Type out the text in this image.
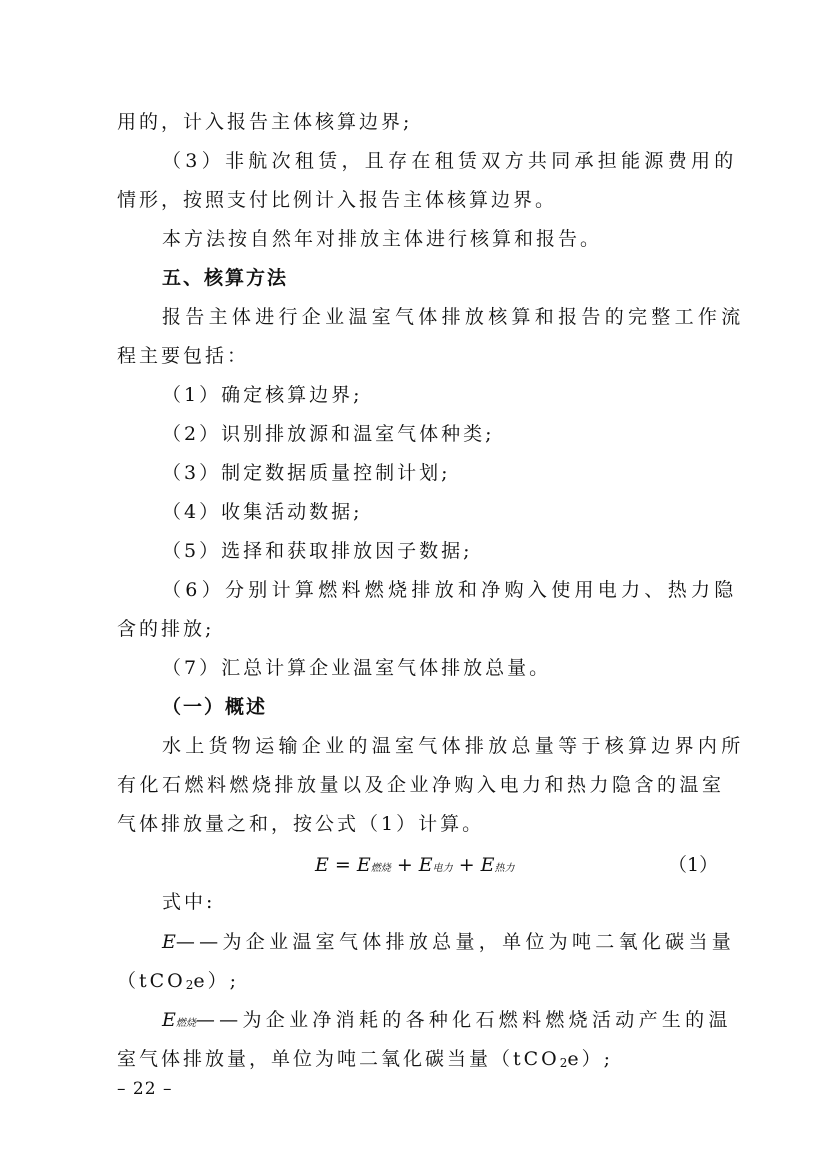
用的，计入报告主体核算边界;
（3）非航次租赁，且存在租赁双方共同承担能源费用的
情形，按照支付比例计入报告主体核算边界。
本方法按自然年对排放主体进行核算和报告。
五、核算方法
报告主体进行企业温室气体排放核算和报告的完整工作流
程主要包括：
（1）确定核算边界;
（2）识别排放源和温室气体种类;
（3）制定数据质量控制计划;
（4）收集活动数据;
（5）选择和获取排放因子数据;
（6）分别计算燃料燃烧排放和净购入使用电力、热力隐
含的排放;
（7）汇总计算企业温室气体排放总量。
（一）概述
水上货物运输企业的温室气体排放总量等于核算边界内所
有化石燃料燃烧排放量以及企业净购入电力和热力隐含的温室
气体排放量之和，按公式（1）计算。
E = E燃烧 + E电力 + E热力	（1）
式中:
E——为企业温室气体排放总量，单位为吨二氧化碳当量
（tCO2e）;
E燃烧——为企业净消耗的各种化石燃料燃烧活动产生的温
室气体排放量，单位为吨二氧化碳当量（tCO2e）;
– 22 –
